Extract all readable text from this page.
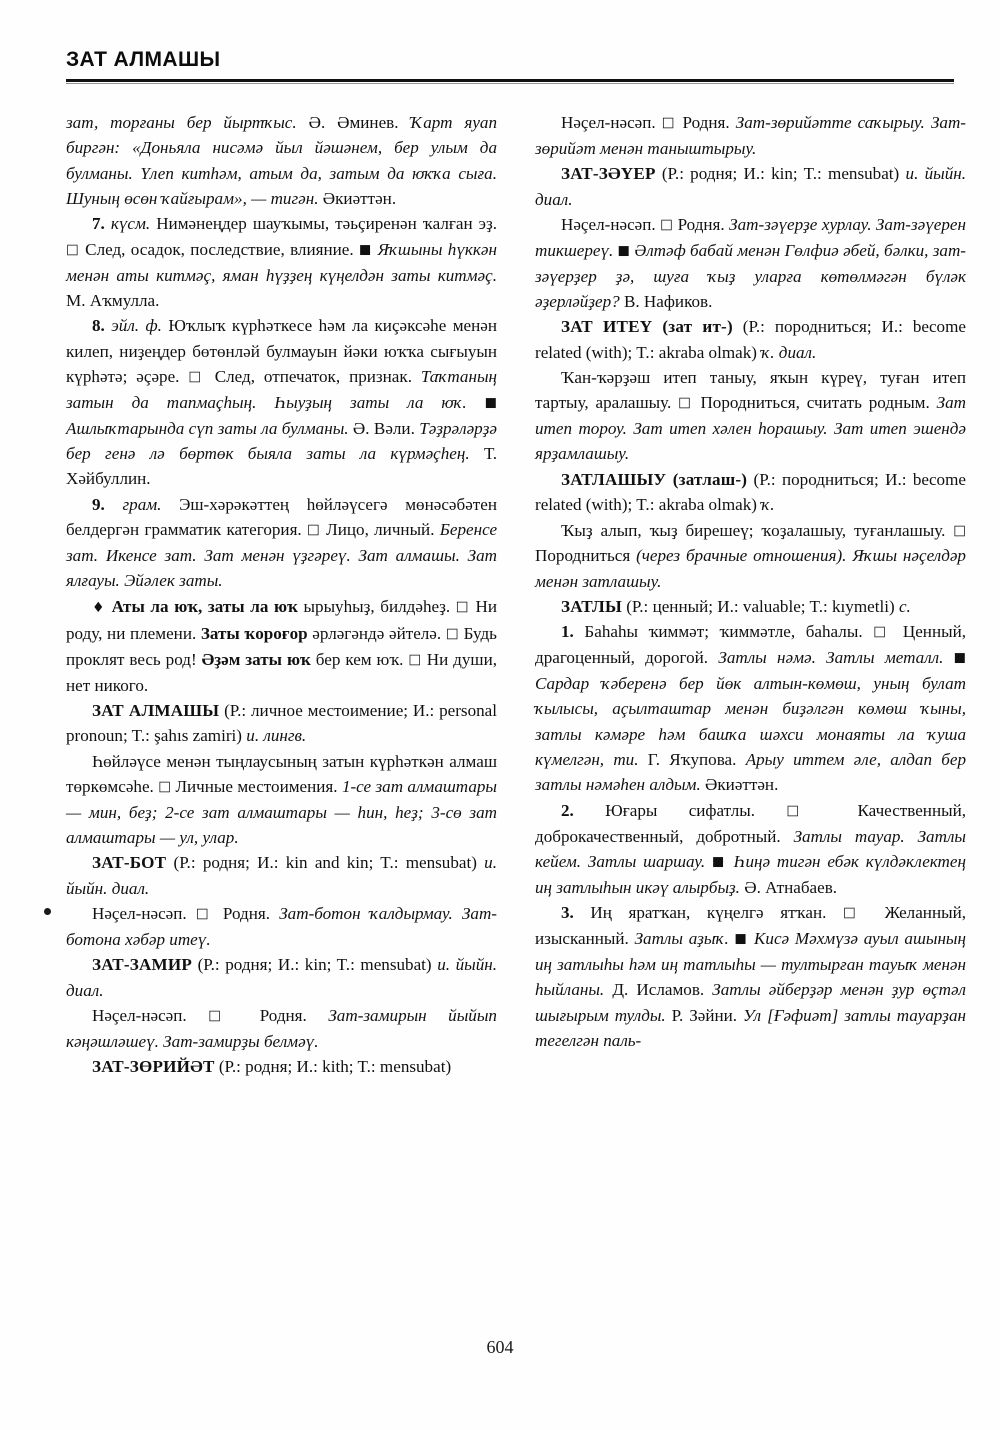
ЗАТ АЛМАШЫ

зат, торғаны бер йыртҡыс. Ә. Әминев. Ҡарт яуап биргән: «Доньяла нисәмә йыл йәшәнем, бер улым да булманы. Үлеп китһәм, атым да, затым да юҡҡа сыға. Шуның өсөн ҡайғырам», — тигән. Әкиәттән.

7. күсм. Нимәнеңдер шауҡымы, тәьçиренән ҡалған эҙ. □ След, осадок, последствие, влияние. ■ Яҡшыны һүккән менән аты китмәç, яман һүҙҙең күңелдән заты китмәç. М. Аҡмулла.

8. эйл. ф. Юҡлыҡ күрһәткесе һәм ла киçәксәһе менән килеп, ниҙеңдер бөтөнләй булмауын йәки юҡҡа сығыуын күрһәтә; әçәре. □ След, отпечаток, признак. Таҡтаның затын да тапмаçһың. Һыуҙың заты ла юҡ. ■ Ашлыҡтарында сүп заты ла булманы. Ә. Вәли. Тәҙрәләрҙә бер генә лә бөртөк быяла заты ла күрмәçһең. Т. Хәйбуллин.

9. грам. Эш-хәрәкәттең һөйләүсегә мөнәсәбәтен белдергән грамматик категория. □ Лицо, личный. Беренсе зат. Икенсе зат. Зат менән үҙгәреү. Зат алмашы. Зат ялғауы. Эйәлек заты.

♦ Аты ла юҡ, заты ла юҡ ырыуһыҙ, билдәһеҙ. □ Ни роду, ни племени. Заты ҡороғор әрләгәндә әйтелә. □ Будь проклят весь род! Әҙәм заты юҡ бер кем юҡ. □ Ни души, нет никого.

ЗАТ АЛМАШЫ (Р.: личное местоимение; И.: personal pronoun; T.: şahıs zamiri) и. лингв.

Һөйләүсе менән тыңлаусының затын күрһәткән алмаш төркөмсәһе. □ Личные местоимения. 1-се зат алмаштары — мин, беҙ; 2-се зат алмаштары — һин, һеҙ; 3-сө зат алмаштары — ул, улар.

ЗАТ-БОТ (Р.: родня; И.: kin and kin; T.: mensubat) и. йыйн. диал.

Нәçел-нәсәп. □ Родня. Зат-ботон ҡалдырмау. Зат-ботона хәбәр итеү.

ЗАТ-ЗАМИР (Р.: родня; И.: kin; T.: mensubat) и. йыйн. диал.

Нәçел-нәсәп. □ Родня. Зат-замирын йыйып кәңәшләшеү. Зат-замирҙы белмәү.

ЗАТ-ЗӨРИЙӘТ (Р.: родня; И.: kith; T.: mensubat)

Нәçел-нәсәп. □ Родня. Зат-зөрийәтте саҡырыу. Зат-зөрийәт менән таныштырыу.

ЗАТ-ЗӘҮЕР (Р.: родня; И.: kin; T.: mensubat) и. йыйн. диал.

Нәçел-нәсәп. □ Родня. Зат-зәүерҙе хурлау. Зат-зәүерен тикшереү. ■ Әлтәф бабай менән Гөлфиә әбей, бәлки, зат-зәүерҙер ҙә, шуға ҡыҙ уларға көтөлмәгән бүләк әҙерләйҙер? В. Нафиков.

ЗАТ ИТЕҮ (зат ит-) (Р.: породниться; И.: become related (with); T.: akraba olmak) ҡ. диал.

Ҡан-ҡәрҙәш итеп таныу, яҡын күреү, туған итеп тартыу, аралашыу. □ Породниться, считать родным. Зат итеп тороу. Зат итеп хәлен һорашыу. Зат итеп эшендә ярҙамлашыу.

ЗАТЛАШЫУ (затлаш-) (Р.: породниться; И.: become related (with); T.: akraba olmak) ҡ.

Ҡыҙ алып, ҡыҙ бирешеү; ҡоҙалашыу, туғанлашыу. □ Породниться (через брачные отношения). Яҡшы нәçелдәр менән затлашыу.

ЗАТЛЫ (Р.: ценный; И.: valuable; T.: kıymetli) с.

1. Баһаһы ҡиммәт; ҡиммәтле, баһалы. □ Ценный, драгоценный, дорогой. Затлы нәмә. Затлы металл. ■ Сардар ҡәберенә бер йөк алтын-көмөш, уның булат ҡылысы, аçылташтар менән биҙәлгән көмөш ҡыны, затлы кәмәре һәм башҡа шәхси монаяты ла ҡуша күмелгән, ти. Г. Яҡупова. Арыу иттем әле, алдап бер затлы нәмәһен алдым. Әкиәттән.

2. Юғары сифатлы. □ Качественный, доброкачественный, добротный. Затлы тауар. Затлы кейем. Затлы шаршау. ■ Һиңә тигән ебәк күлдәклектең иң затлыһын икәү алырбыҙ. Ә. Атнабаев.

3. Иң яратҡан, күңелгә ятҡан. □ Желанный, изысканный. Затлы аҙыҡ. ■ Кисә Мәхмүзә ауыл ашының иң затлыһы һәм иң татлыһы — тултырған тауыҡ менән һыйланы. Д. Исламов. Затлы әйберҙәр менән ҙур өçтәл шығырым тулды. Р. Зәйни. Ул [Ғәфиәт] затлы тауарҙан тегелгән паль-

604
